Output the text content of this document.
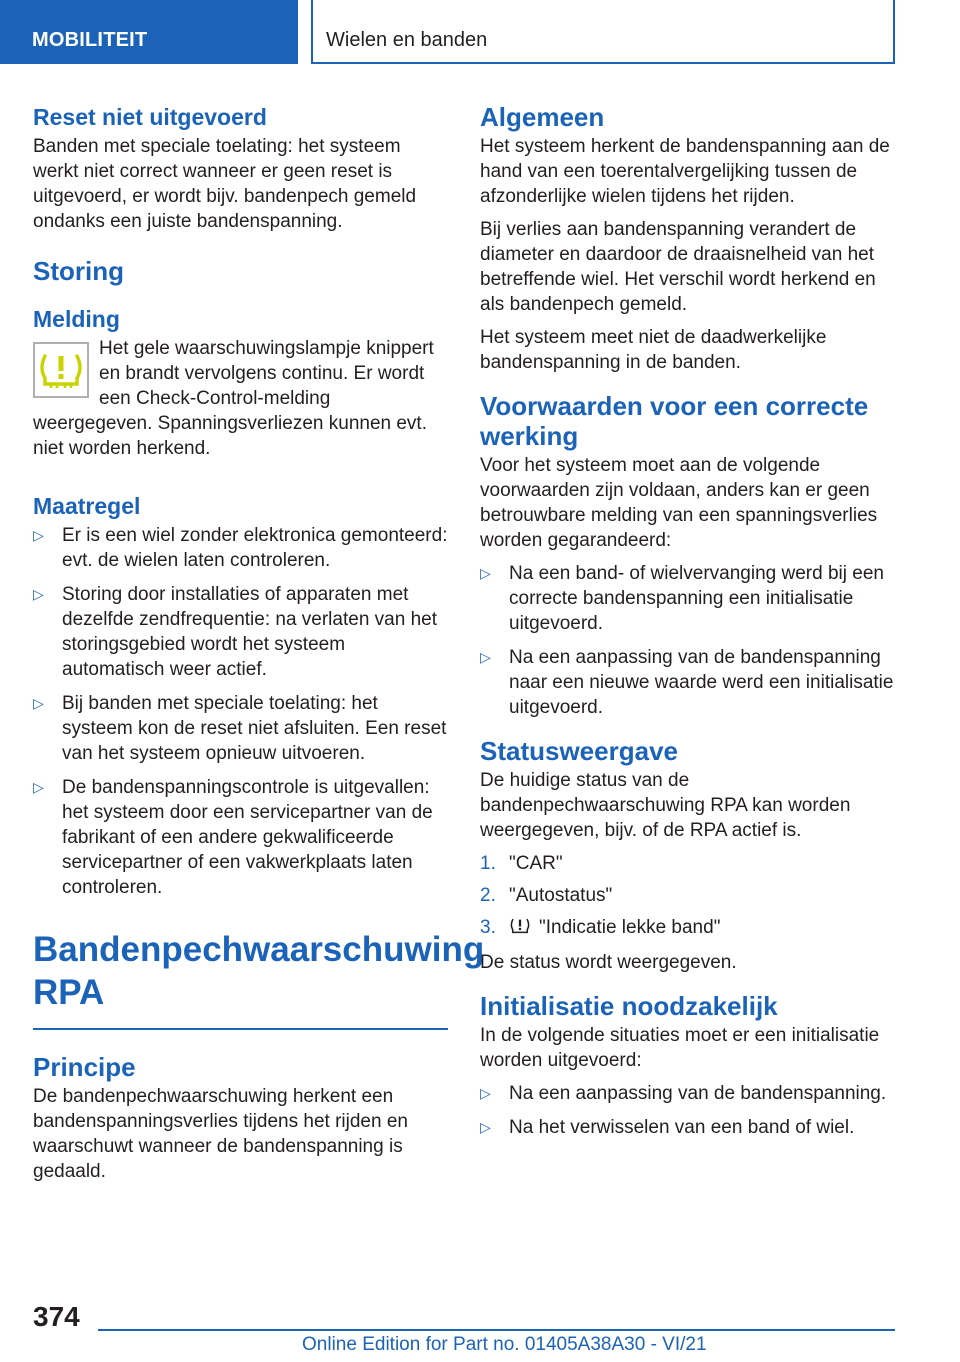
MOBILITEIT	Wielen en banden
Reset niet uitgevoerd

Banden met speciale toelating: het systeem werkt niet correct wanneer er geen reset is uitgevoerd, er wordt bijv. bandenpech gemeld ondanks een juiste bandenspanning.

Storing
Melding

Het gele waarschuwingslampje knippert en brandt vervolgens continu. Er wordt een Check-Control-melding weergegeven. Spanningsverliezen kunnen evt. niet worden herkend.

Maatregel
▷ Er is een wiel zonder elektronica gemonteerd: evt. de wielen laten controleren.
▷ Storing door installaties of apparaten met dezelfde zendfrequentie: na verlaten van het storingsgebied wordt het systeem automatisch weer actief.
▷ Bij banden met speciale toelating: het systeem kon de reset niet afsluiten. Een reset van het systeem opnieuw uitvoeren.
▷ De bandenspanningscontrole is uitgevallen: het systeem door een servicepartner van de fabrikant of een andere gekwalificeerde servicepartner of een vakwerkplaats laten controleren.
Bandenpechwaarschuwing RPA
Principe

De bandenpechwaarschuwing herkent een bandenspanningsverlies tijdens het rijden en waarschuwt wanneer de bandenspanning is gedaald.

Algemeen

Het systeem herkent de bandenspanning aan de hand van een toerentalvergelijking tussen de afzonderlijke wielen tijdens het rijden.

Bij verlies aan bandenspanning verandert de diameter en daardoor de draaisnelheid van het betreffende wiel. Het verschil wordt herkend en als bandenpech gemeld.

Het systeem meet niet de daadwerkelijke bandenspanning in de banden.

Voorwaarden voor een correcte werking

Voor het systeem moet aan de volgende voorwaarden zijn voldaan, anders kan er geen betrouwbare melding van een spanningsverlies worden gegarandeerd:

▷ Na een band- of wielvervanging werd bij een correcte bandenspanning een initialisatie uitgevoerd.
▷ Na een aanpassing van de bandenspanning naar een nieuwe waarde werd een initialisatie uitgevoerd.
Statusweergave

De huidige status van de bandenpechwaarschuwing RPA kan worden weergegeven, bijv. of de RPA actief is.

1. "CAR"
2. "Autostatus"
3. "Indicatie lekke band"

De status wordt weergegeven.

Initialisatie noodzakelijk

In de volgende situaties moet er een initialisatie worden uitgevoerd:

▷ Na een aanpassing van de bandenspanning.
▷ Na het verwisselen van een band of wiel.
374
Online Edition for Part no. 01405A38A30 - VI/21
